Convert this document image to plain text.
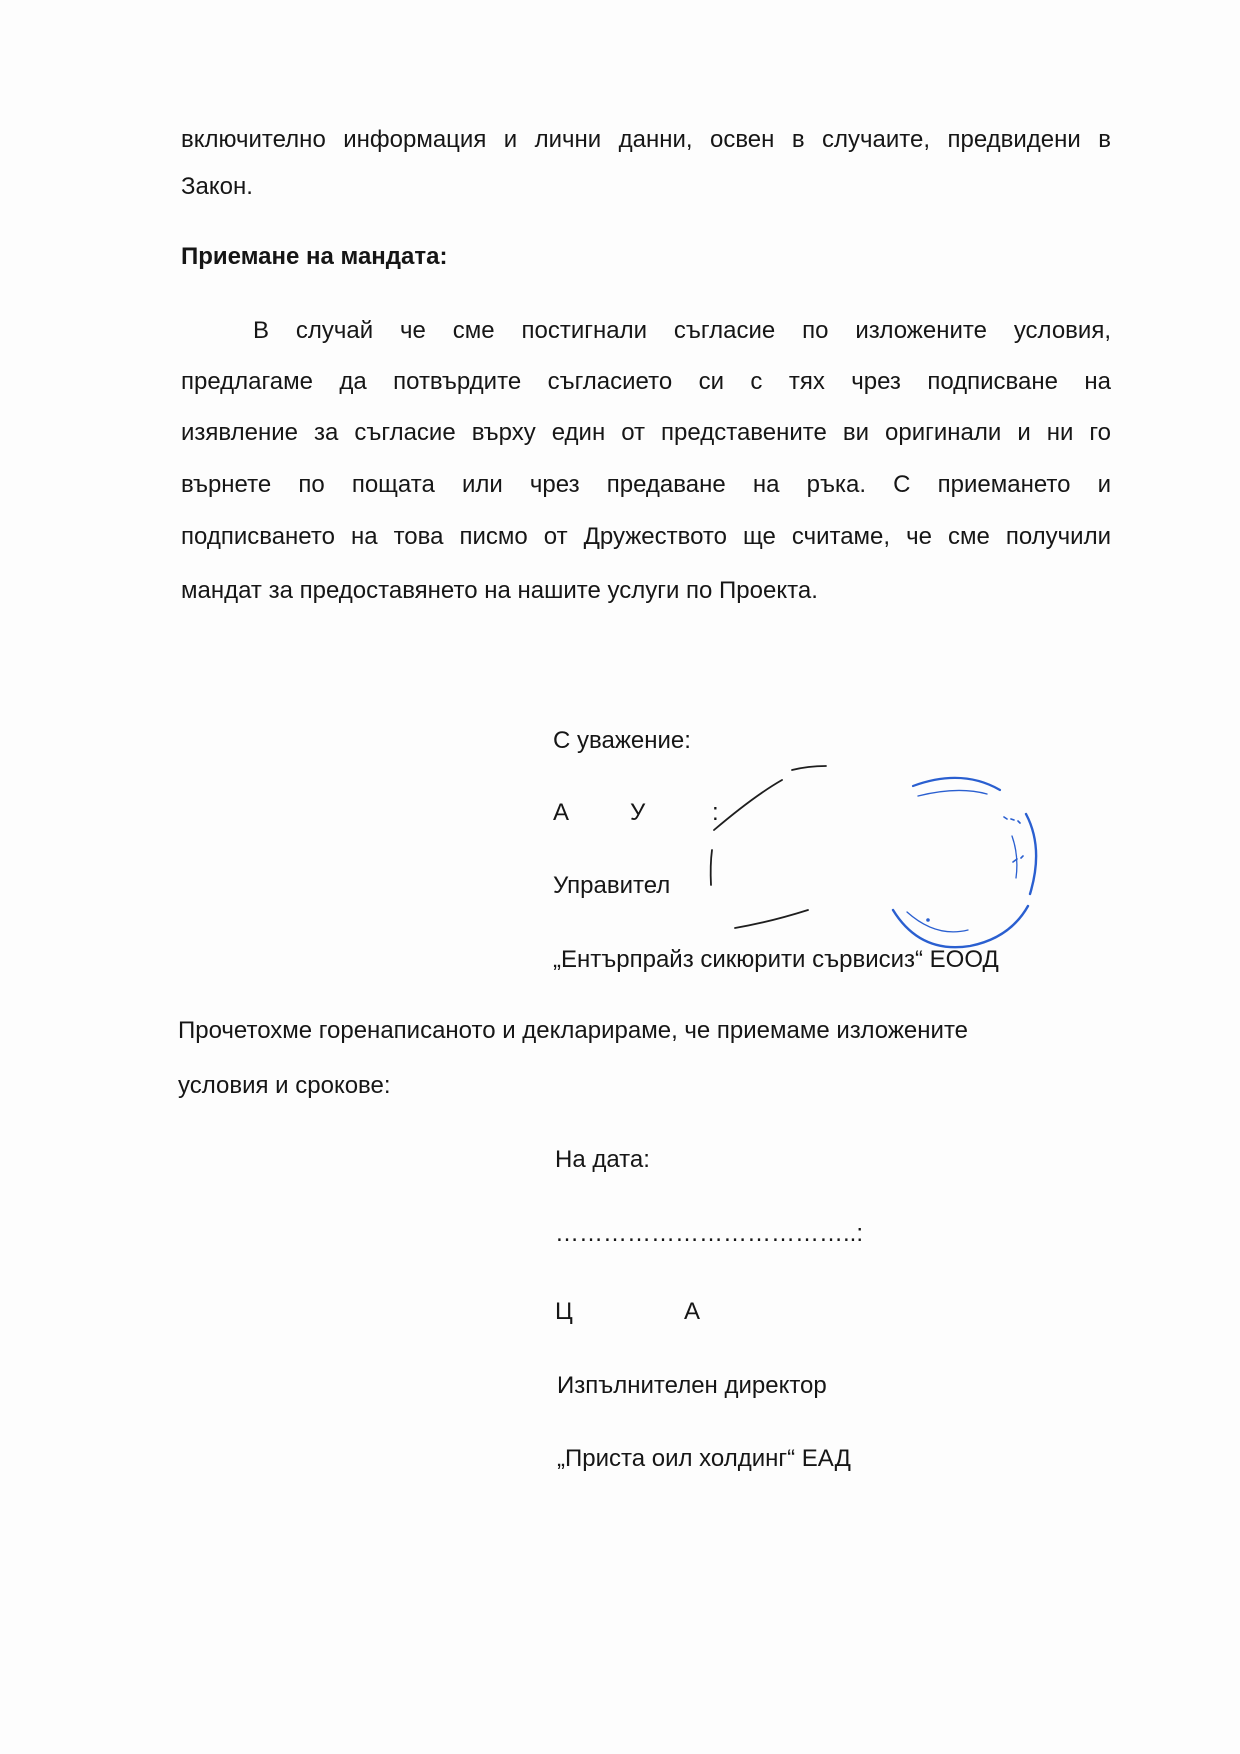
включително информация и лични данни, освен в случаите, предвидени в
Закон.
Приемане на мандата:
В случай че сме постигнали съгласие по изложените условия,
предлагаме да потвърдите съгласието си с тях чрез подписване на
изявление за съгласие върху един от представените ви оригинали и ни го
върнете по пощата или чрез предаване на ръка. С приемането и
подписването на това писмо от Дружеството ще считаме, че сме получили
мандат за предоставянето на нашите услуги по Проекта.
С уважение:
А	У	:
Управител
„Ентърпрайз сикюрити сървисиз“ ЕООД
Прочетохме горенаписаното и декларираме, че приемаме изложените
условия и срокове:
На дата:
………………………………..:
Ц	А
Изпълнителен директор
„Приста оил холдинг“ ЕАД
